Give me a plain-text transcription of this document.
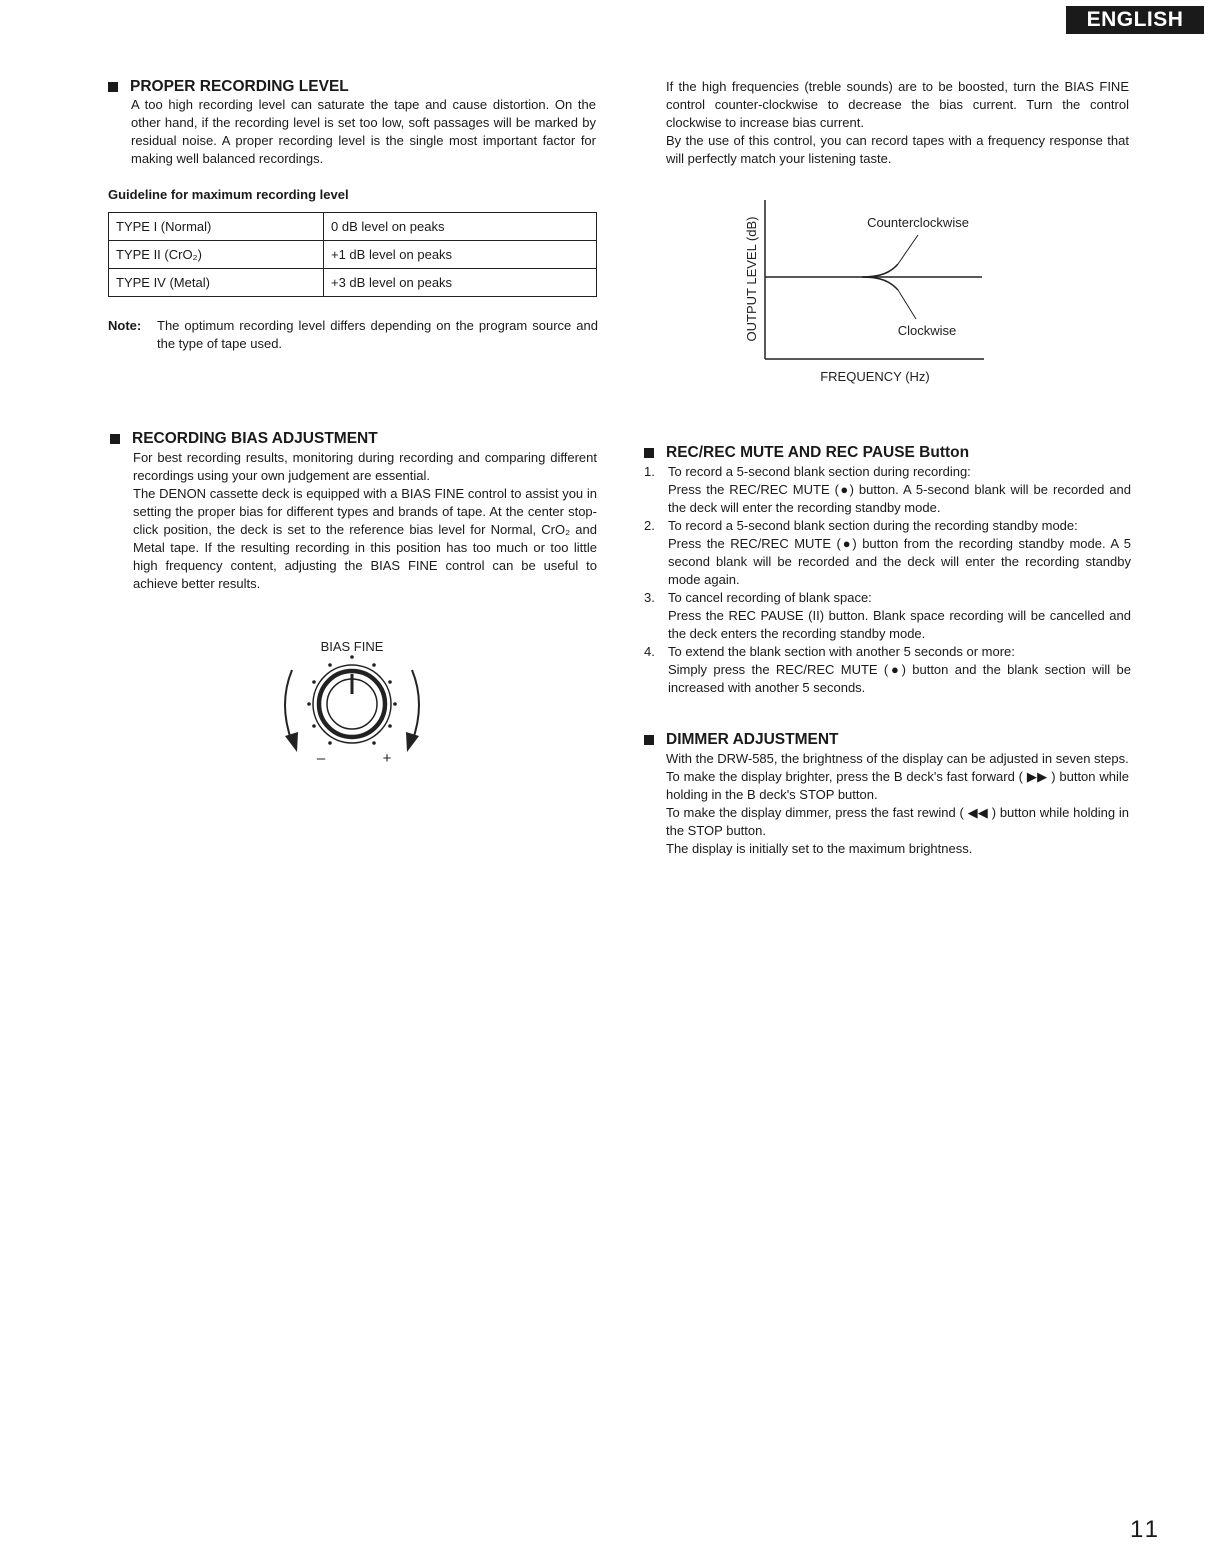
ENGLISH
PROPER RECORDING LEVEL

A too high recording level can saturate the tape and cause distortion. On the other hand, if the recording level is set too low, soft passages will be marked by residual noise. A proper recording level is the single most important factor for making well balanced recordings.

Guideline for maximum recording level
TYPE I (Normal)	0 dB level on peaks
TYPE II (CrO₂)	+1 dB level on peaks
TYPE IV (Metal)	+3 dB level on peaks
Note:	The optimum recording level differs depending on the program source and the type of tape used.
If the high frequencies (treble sounds) are to be boosted, turn the BIAS FINE control counter-clockwise to decrease the bias current. Turn the control clockwise to increase bias current.
By the use of this control, you can record tapes with a frequency response that will perfectly match your listening taste.
Counterclockwise
Clockwise
FREQUENCY (Hz)
OUTPUT LEVEL (dB)
RECORDING BIAS ADJUSTMENT
For best recording results, monitoring during recording and comparing different recordings using your own judgement are essential.
The DENON cassette deck is equipped with a BIAS FINE control to assist you in setting the proper bias for different types and brands of tape. At the center stop-click position, the deck is set to the reference bias level for Normal, CrO₂ and Metal tape. If the resulting recording in this position has too much or too little high frequency content, adjusting the BIAS FINE control can be useful to achieve better results.
BIAS FINE
–	+
REC/REC MUTE AND REC PAUSE Button
1.	To record a 5-second blank section during recording:
Press the REC/REC MUTE (●) button. A 5-second blank will be recorded and the deck will enter the recording standby mode.
2.	To record a 5-second blank section during the recording standby mode:
Press the REC/REC MUTE (●) button from the recording standby mode. A 5 second blank will be recorded and the deck will enter the recording standby mode again.
3.	To cancel recording of blank space:
Press the REC PAUSE (II) button. Blank space recording will be cancelled and the deck enters the recording standby mode.
4.	To extend the blank section with another 5 seconds or more:
Simply press the REC/REC MUTE (●) button and the blank section will be increased with another 5 seconds.
DIMMER ADJUSTMENT
With the DRW-585, the brightness of the display can be adjusted in seven steps.
To make the display brighter, press the B deck's fast forward ( ▶▶ ) button while holding in the B deck's STOP button.
To make the display dimmer, press the fast rewind ( ◀◀ ) button while holding in the STOP button.
The display is initially set to the maximum brightness.
11
